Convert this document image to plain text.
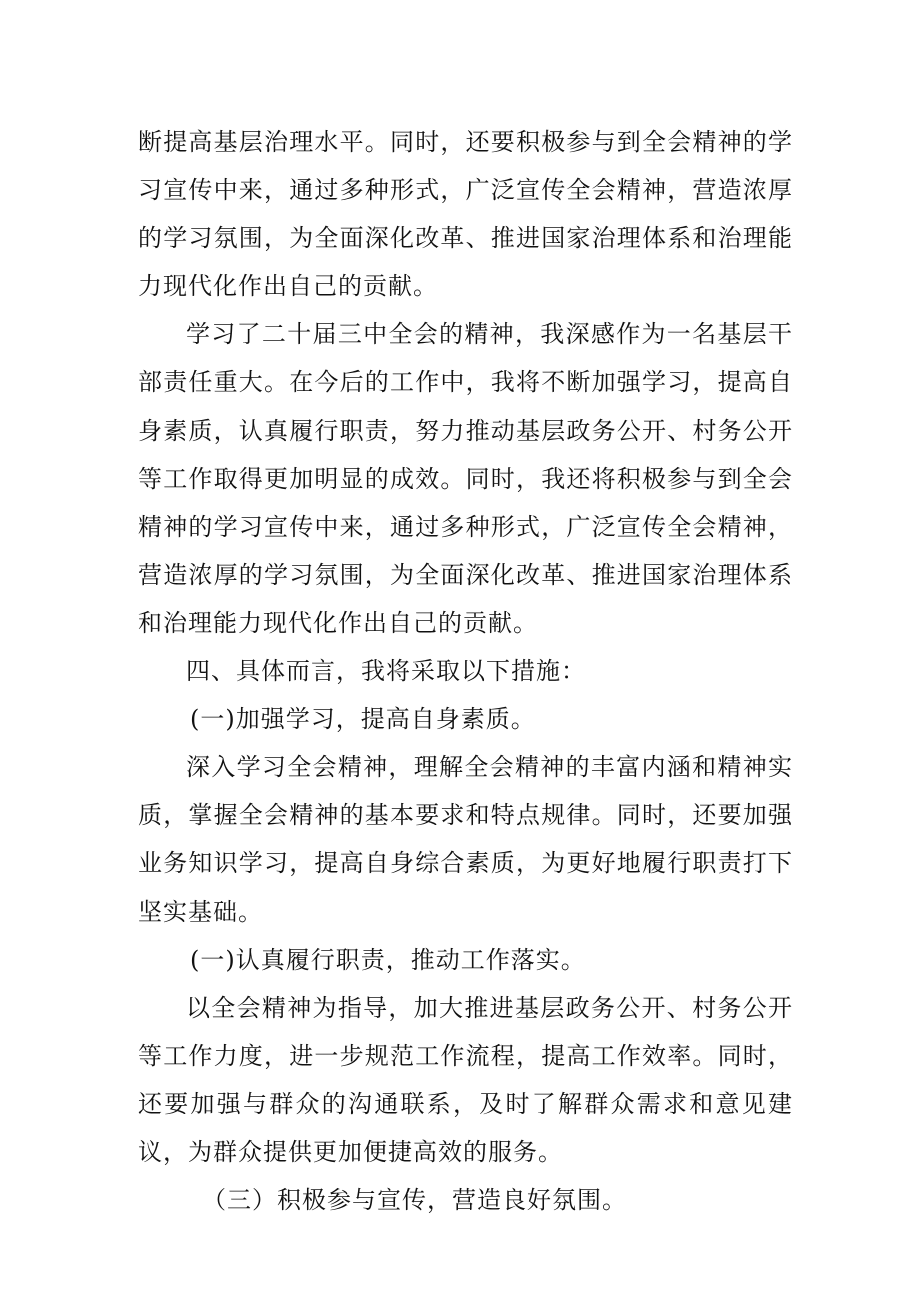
断提高基层治理水平。同时，还要积极参与到全会精神的学习宣传中来，通过多种形式，广泛宣传全会精神，营造浓厚的学习氛围，为全面深化改革、推进国家治理体系和治理能力现代化作出自己的贡献。

学习了二十届三中全会的精神，我深感作为一名基层干部责任重大。在今后的工作中，我将不断加强学习，提高自身素质，认真履行职责，努力推动基层政务公开、村务公开等工作取得更加明显的成效。同时，我还将积极参与到全会精神的学习宣传中来，通过多种形式，广泛宣传全会精神，营造浓厚的学习氛围，为全面深化改革、推进国家治理体系和治理能力现代化作出自己的贡献。

四、具体而言，我将采取以下措施：

(一)加强学习，提高自身素质。

深入学习全会精神，理解全会精神的丰富内涵和精神实质，掌握全会精神的基本要求和特点规律。同时，还要加强业务知识学习，提高自身综合素质，为更好地履行职责打下坚实基础。

(一)认真履行职责，推动工作落实。

以全会精神为指导，加大推进基层政务公开、村务公开等工作力度，进一步规范工作流程，提高工作效率。同时，还要加强与群众的沟通联系，及时了解群众需求和意见建议，为群众提供更加便捷高效的服务。

（三）积极参与宣传，营造良好氛围。
